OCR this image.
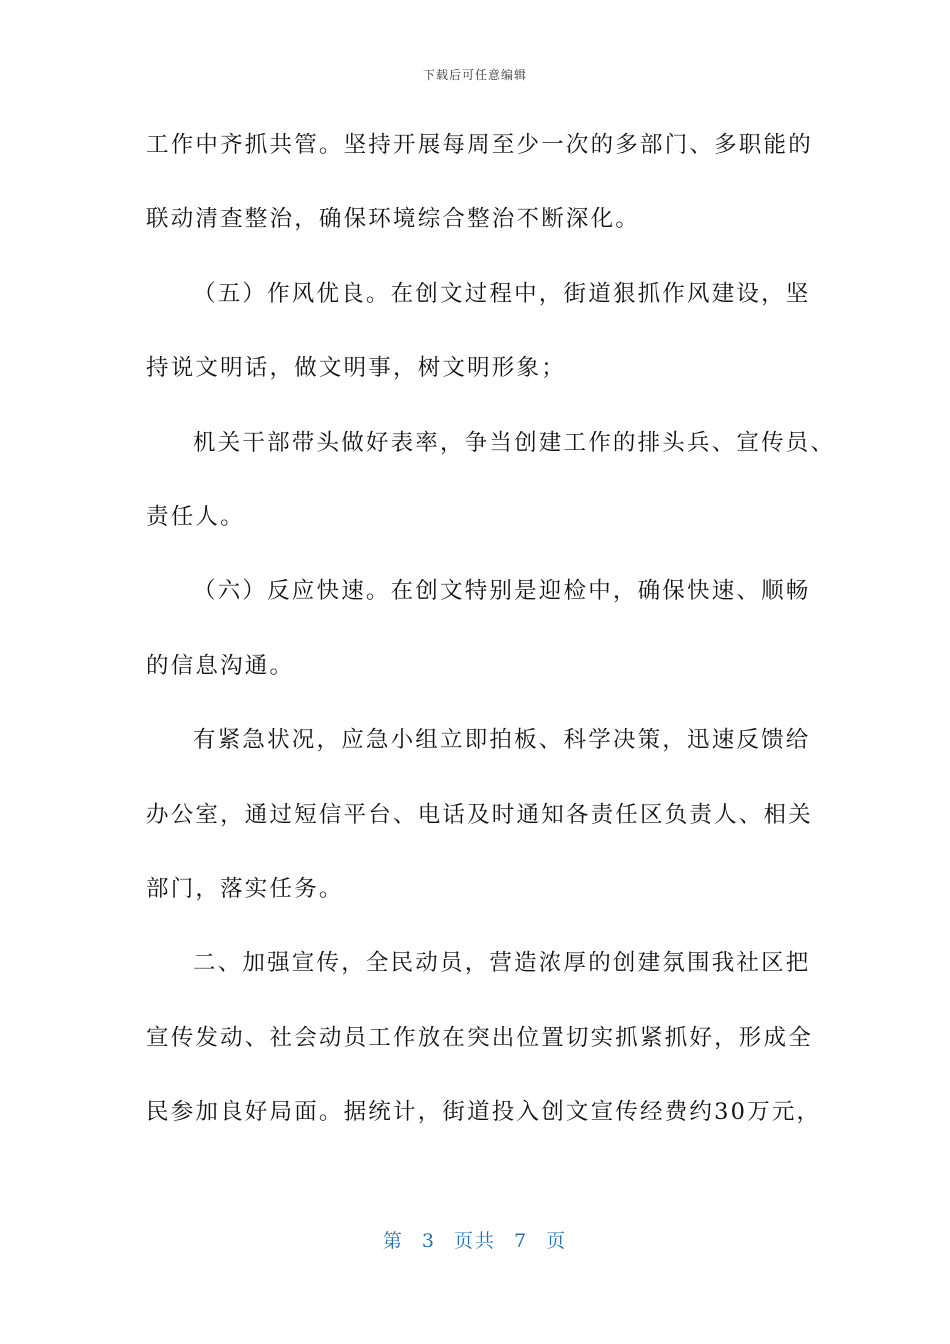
下载后可任意编辑
工作中齐抓共管。坚持开展每周至少一次的多部门、多职能的
联动清查整治，确保环境综合整治不断深化。
（五）作风优良。在创文过程中，街道狠抓作风建设，坚
持说文明话，做文明事，树文明形象；
机关干部带头做好表率，争当创建工作的排头兵、宣传员、
责任人。
（六）反应快速。在创文特别是迎检中，确保快速、顺畅
的信息沟通。
有紧急状况，应急小组立即拍板、科学决策，迅速反馈给
办公室，通过短信平台、电话及时通知各责任区负责人、相关
部门，落实任务。
二、加强宣传，全民动员，营造浓厚的创建氛围我社区把
宣传发动、社会动员工作放在突出位置切实抓紧抓好，形成全
民参加良好局面。据统计，街道投入创文宣传经费约30万元，
第 3 页共 7 页
